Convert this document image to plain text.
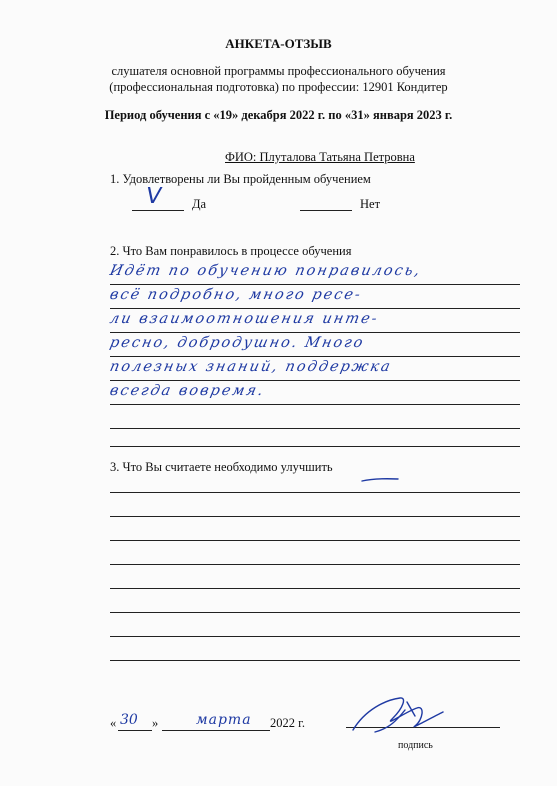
АНКЕТА-ОТЗЫВ
слушателя основной программы профессионального обучения
(профессиональная подготовка) по профессии: 12901 Кондитер
Период обучения с «19» декабря 2022 г. по «31» января 2023 г.
ФИО: Плуталова Татьяна Петровна
1. Удовлетворены ли Вы пройденным обучением
Да	Нет
V
2. Что Вам понравилось в процессе обучения
Идёт по обучению понравилось,
всё подробно, много ресе-
ли взаимоотношения инте-
ресно, добродушно. Много
полезных знаний, поддержка
всегда вовремя.
3. Что Вы считаете необходимо улучшить
« 30 »	марта 2022 г.
подпись
